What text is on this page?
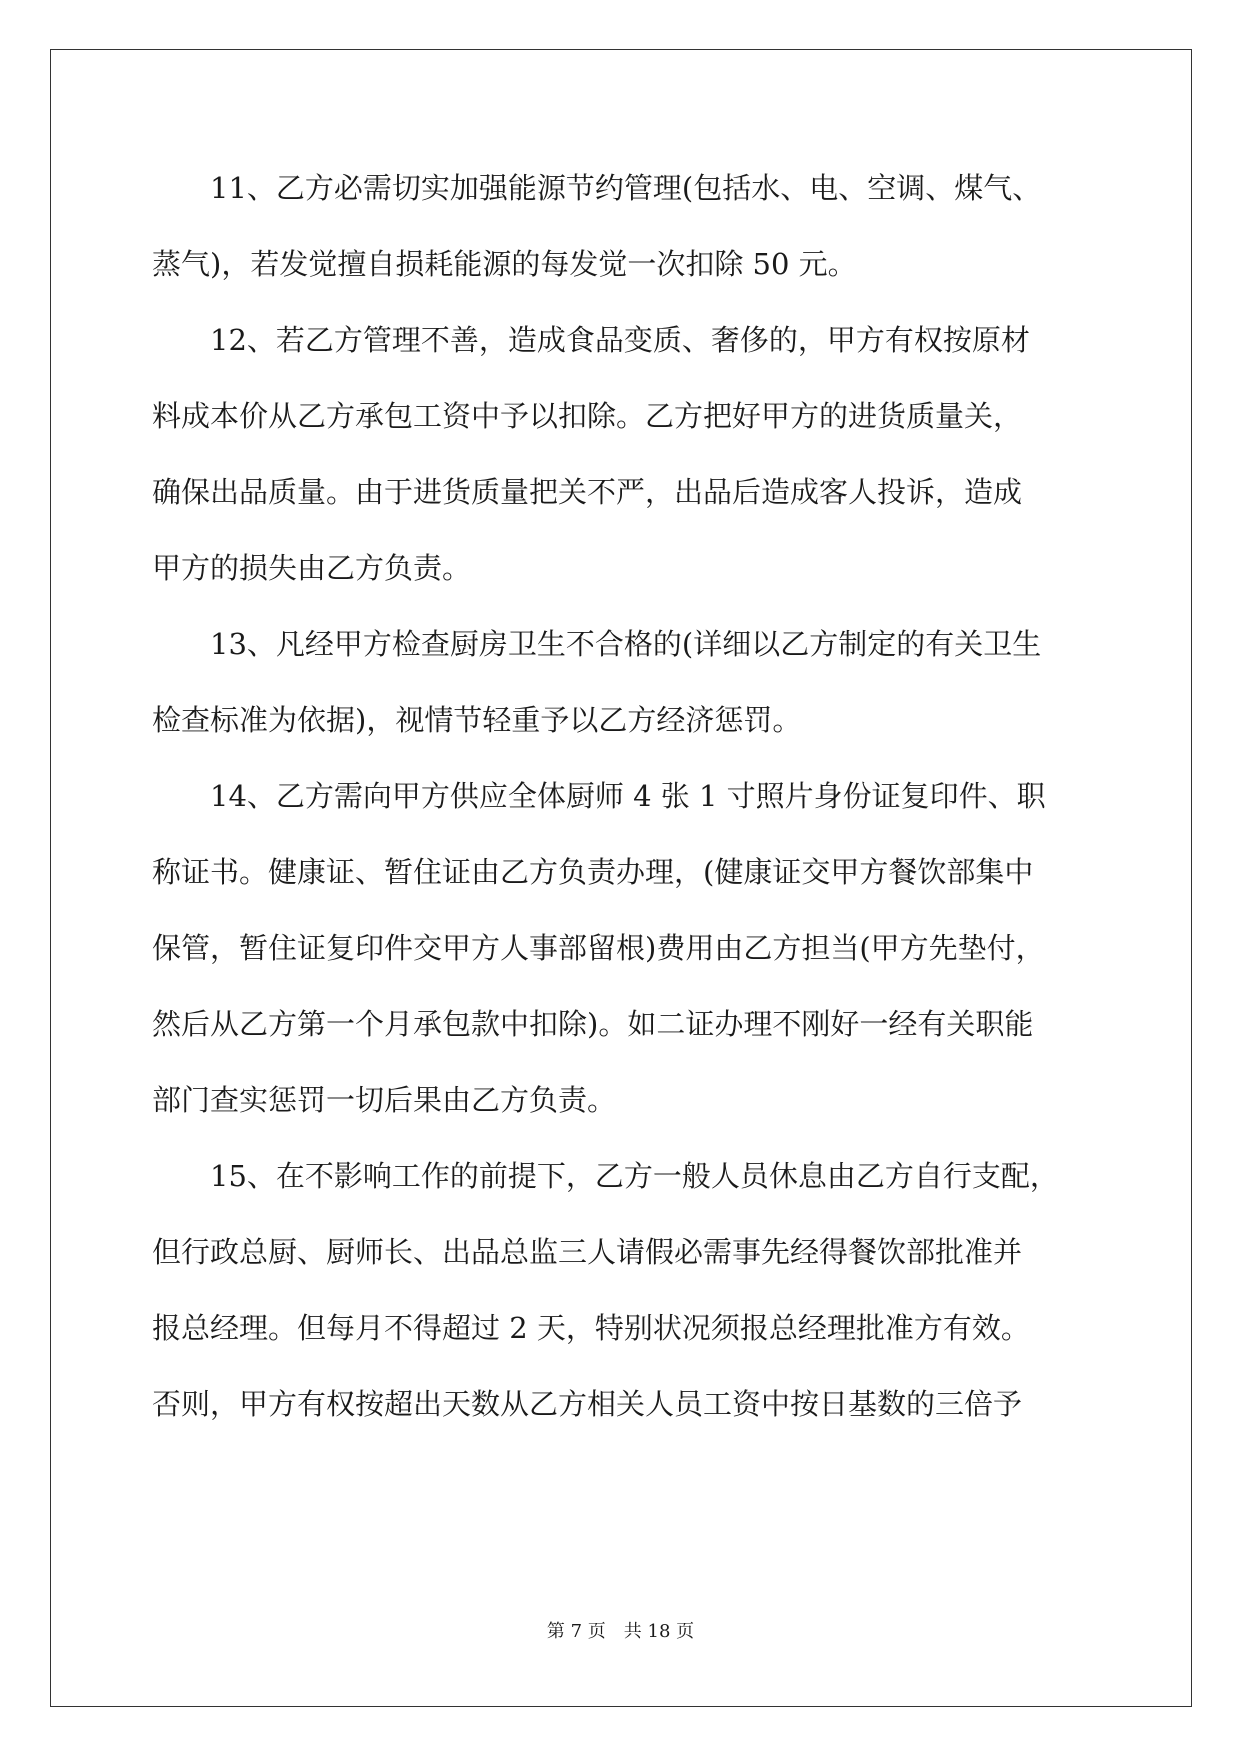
　　11、乙方必需切实加强能源节约管理(包括水、电、空调、煤气、
蒸气)，若发觉擅自损耗能源的每发觉一次扣除 50 元。
　　12、若乙方管理不善，造成食品变质、奢侈的，甲方有权按原材
料成本价从乙方承包工资中予以扣除。乙方把好甲方的进货质量关，
确保出品质量。由于进货质量把关不严，出品后造成客人投诉，造成
甲方的损失由乙方负责。
　　13、凡经甲方检查厨房卫生不合格的(详细以乙方制定的有关卫生
检查标准为依据)，视情节轻重予以乙方经济惩罚。
　　14、乙方需向甲方供应全体厨师 4 张 1 寸照片身份证复印件、职
称证书。健康证、暂住证由乙方负责办理，(健康证交甲方餐饮部集中
保管，暂住证复印件交甲方人事部留根)费用由乙方担当(甲方先垫付，
然后从乙方第一个月承包款中扣除)。如二证办理不刚好一经有关职能
部门查实惩罚一切后果由乙方负责。
　　15、在不影响工作的前提下，乙方一般人员休息由乙方自行支配，
但行政总厨、厨师长、出品总监三人请假必需事先经得餐饮部批准并
报总经理。但每月不得超过 2 天，特别状况须报总经理批准方有效。
否则，甲方有权按超出天数从乙方相关人员工资中按日基数的三倍予
第 7 页　共 18 页
